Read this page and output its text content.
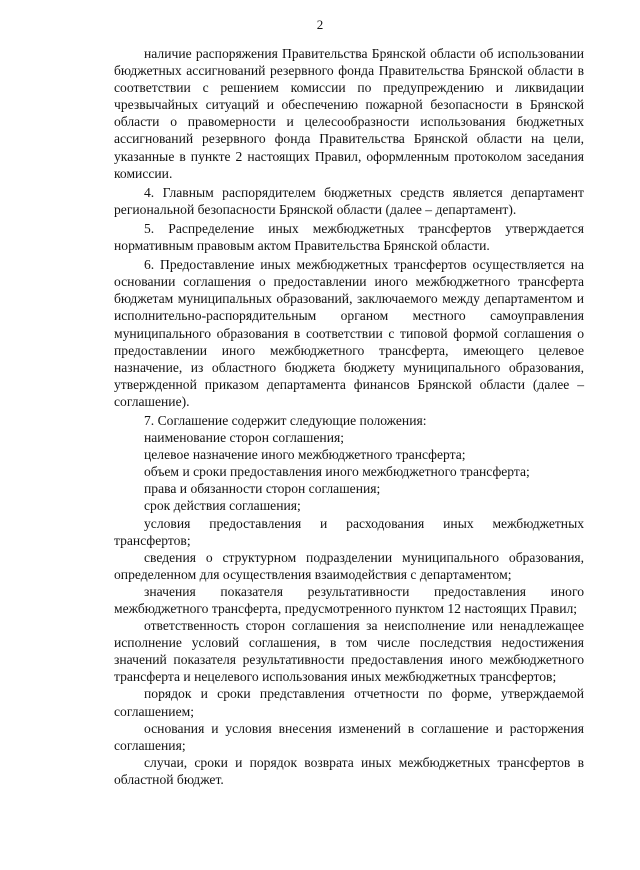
2

наличие распоряжения Правительства Брянской области об использовании бюджетных ассигнований резервного фонда Правительства Брянской области в соответствии с решением комиссии по предупреждению и ликвидации чрезвычайных ситуаций и обеспечению пожарной безопасности в Брянской области о правомерности и целесообразности использования бюджетных ассигнований резервного фонда Правительства Брянской области на цели, указанные в пункте 2 настоящих Правил, оформленным протоколом заседания комиссии.

4. Главным распорядителем бюджетных средств является департамент региональной безопасности Брянской области (далее – департамент).

5. Распределение иных межбюджетных трансфертов утверждается нормативным правовым актом Правительства Брянской области.

6. Предоставление иных межбюджетных трансфертов осуществляется на основании соглашения о предоставлении иного межбюджетного трансферта бюджетам муниципальных образований, заключаемого между департаментом и исполнительно-распорядительным органом местного самоуправления муниципального образования в соответствии с типовой формой соглашения о предоставлении иного межбюджетного трансферта, имеющего целевое назначение, из областного бюджета бюджету муниципального образования, утвержденной приказом департамента финансов Брянской области (далее – соглашение).

7. Соглашение содержит следующие положения:

наименование сторон соглашения;

целевое назначение иного межбюджетного трансферта;

объем и сроки предоставления иного межбюджетного трансферта;

права и обязанности сторон соглашения;

срок действия соглашения;

условия предоставления и расходования иных межбюджетных трансфертов;

сведения о структурном подразделении муниципального образования, определенном для осуществления взаимодействия с департаментом;

значения показателя результативности предоставления иного межбюджетного трансферта, предусмотренного пунктом 12 настоящих Правил;

ответственность сторон соглашения за неисполнение или ненадлежащее исполнение условий соглашения, в том числе последствия недостижения значений показателя результативности предоставления иного межбюджетного трансферта и нецелевого использования иных межбюджетных трансфертов;

порядок и сроки представления отчетности по форме, утверждаемой соглашением;

основания и условия внесения изменений в соглашение и расторжения соглашения;

случаи, сроки и порядок возврата иных межбюджетных трансфертов в областной бюджет.
